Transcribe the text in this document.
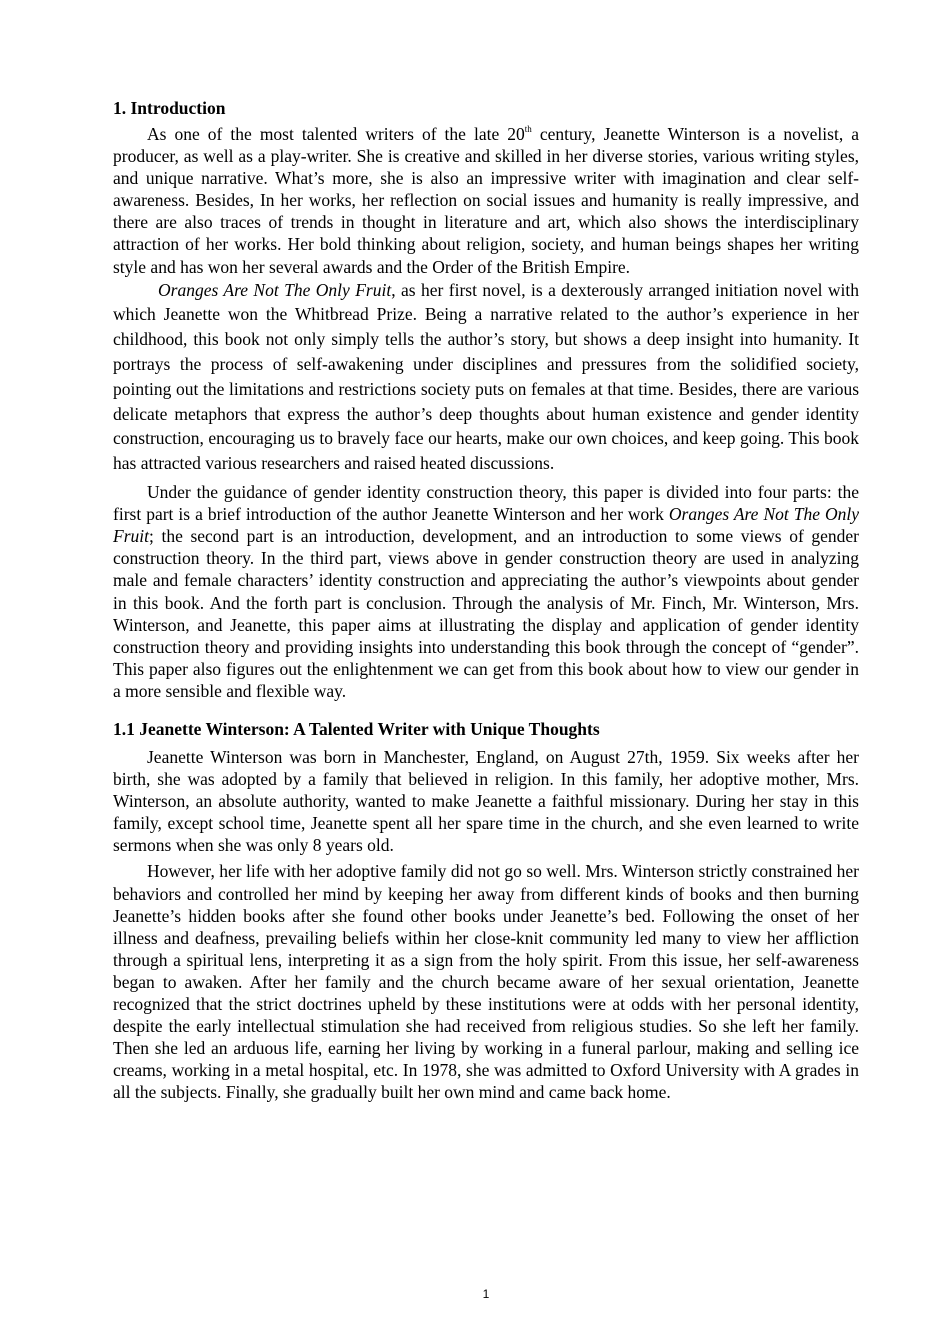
1. Introduction

As one of the most talented writers of the late 20th century, Jeanette Winterson is a novelist, a producer, as well as a play-writer. She is creative and skilled in her diverse stories, various writing styles, and unique narrative. What’s more, she is also an impressive writer with imagination and clear self-awareness. Besides, In her works, her reflection on social issues and humanity is really impressive, and there are also traces of trends in thought in literature and art, which also shows the interdisciplinary attraction of her works. Her bold thinking about religion, society, and human beings shapes her writing style and has won her several awards and the Order of the British Empire.

Oranges Are Not The Only Fruit, as her first novel, is a dexterously arranged initiation novel with which Jeanette won the Whitbread Prize. Being a narrative related to the author’s experience in her childhood, this book not only simply tells the author’s story, but shows a deep insight into humanity. It portrays the process of self-awakening under disciplines and pressures from the solidified society, pointing out the limitations and restrictions society puts on females at that time. Besides, there are various delicate metaphors that express the author’s deep thoughts about human existence and gender identity construction, encouraging us to bravely face our hearts, make our own choices, and keep going. This book has attracted various researchers and raised heated discussions.

Under the guidance of gender identity construction theory, this paper is divided into four parts: the first part is a brief introduction of the author Jeanette Winterson and her work Oranges Are Not The Only Fruit; the second part is an introduction, development, and an introduction to some views of gender construction theory. In the third part, views above in gender construction theory are used in analyzing male and female characters’ identity construction and appreciating the author’s viewpoints about gender in this book. And the forth part is conclusion. Through the analysis of Mr. Finch, Mr. Winterson, Mrs. Winterson, and Jeanette, this paper aims at illustrating the display and application of gender identity construction theory and providing insights into understanding this book through the concept of “gender”. This paper also figures out the enlightenment we can get from this book about how to view our gender in a more sensible and flexible way.

1.1 Jeanette Winterson: A Talented Writer with Unique Thoughts

Jeanette Winterson was born in Manchester, England, on August 27th, 1959. Six weeks after her birth, she was adopted by a family that believed in religion. In this family, her adoptive mother, Mrs. Winterson, an absolute authority, wanted to make Jeanette a faithful missionary. During her stay in this family, except school time, Jeanette spent all her spare time in the church, and she even learned to write sermons when she was only 8 years old.

However, her life with her adoptive family did not go so well. Mrs. Winterson strictly constrained her behaviors and controlled her mind by keeping her away from different kinds of books and then burning Jeanette’s hidden books after she found other books under Jeanette’s bed. Following the onset of her illness and deafness, prevailing beliefs within her close-knit community led many to view her affliction through a spiritual lens, interpreting it as a sign from the holy spirit. From this issue, her self-awareness began to awaken. After her family and the church became aware of her sexual orientation, Jeanette recognized that the strict doctrines upheld by these institutions were at odds with her personal identity, despite the early intellectual stimulation she had received from religious studies. So she left her family. Then she led an arduous life, earning her living by working in a funeral parlour, making and selling ice creams, working in a metal hospital, etc. In 1978, she was admitted to Oxford University with A grades in all the subjects. Finally, she gradually built her own mind and came back home.

1
